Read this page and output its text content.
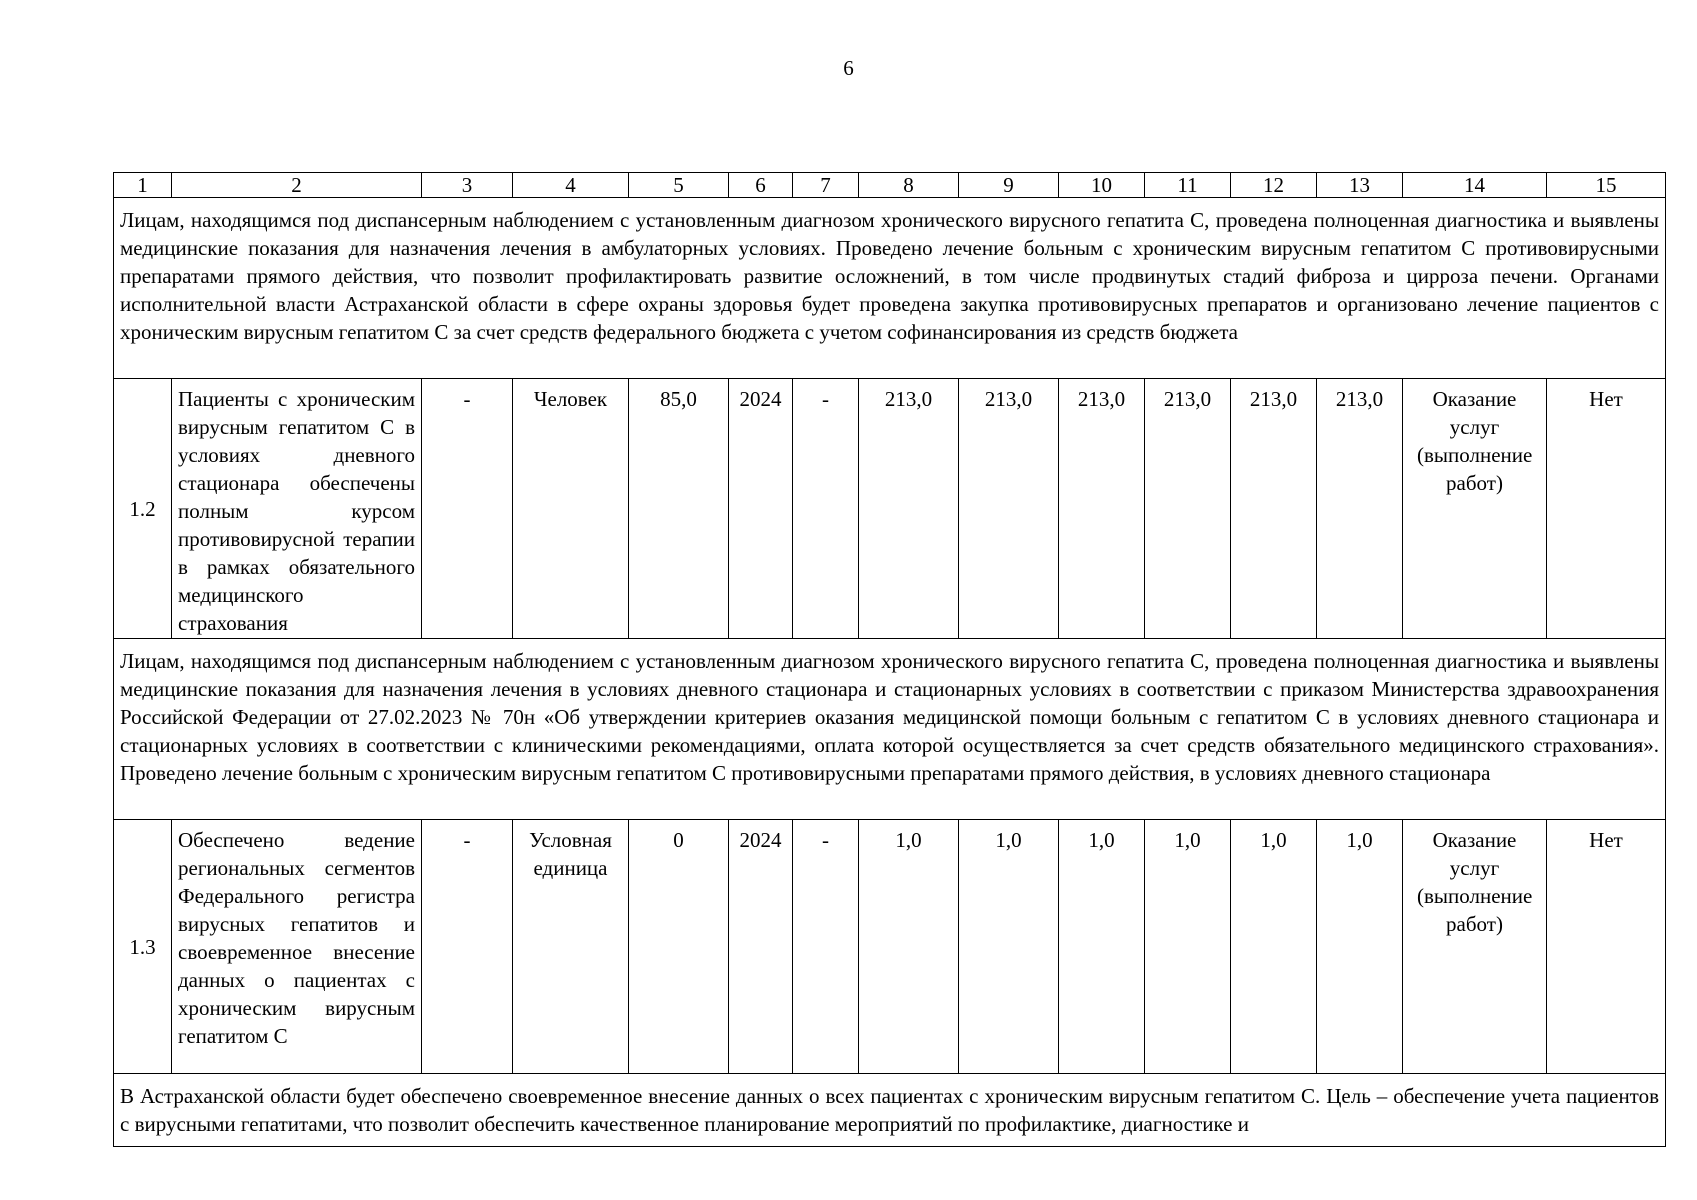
6
1	2	3	4	5	6	7	8	9	10	11	12	13	14	15
Лицам, находящимся под диспансерным наблюдением с установленным диагнозом хронического вирусного гепатита С, проведена полноценная диагностика и выявлены медицинские показания для назначения лечения в амбулаторных условиях. Проведено лечение больным с хроническим вирусным гепатитом С противовирусными препаратами прямого действия, что позволит профилактировать развитие осложнений, в том числе продвинутых стадий фиброза и цирроза печени. Органами исполнительной власти Астраханской области в сфере охраны здоровья будет проведена закупка противовирусных препаратов и организовано лечение пациентов с хроническим вирусным гепатитом С за счет средств федерального бюджета с учетом софинансирования из средств бюджета														
1.2	Пациенты с хроническим вирусным гепатитом С в условиях дневного стационара обеспечены полным курсом противовирусной терапии в рамках обязательного медицинского страхования	-	Человек	85,0	2024	-	213,0	213,0	213,0	213,0	213,0	213,0	Оказание услуг (выполнение работ)	Нет
Лицам, находящимся под диспансерным наблюдением с установленным диагнозом хронического вирусного гепатита С, проведена полноценная диагностика и выявлены медицинские показания для назначения лечения в условиях дневного стационара и стационарных условиях в соответствии с приказом Министерства здравоохранения Российской Федерации от 27.02.2023 № 70н «Об утверждении критериев оказания медицинской помощи больным с гепатитом С в условиях дневного стационара и стационарных условиях в соответствии с клиническими рекомендациями, оплата которой осуществляется за счет средств обязательного медицинского страхования». Проведено лечение больным с хроническим вирусным гепатитом С противовирусными препаратами прямого действия, в условиях дневного стационара														
1.3	Обеспечено ведение региональных сегментов Федерального регистра вирусных гепатитов и своевременное внесение данных о пациентах с хроническим вирусным гепатитом С	-	Условная единица	0	2024	-	1,0	1,0	1,0	1,0	1,0	1,0	Оказание услуг (выполнение работ)	Нет
В Астраханской области будет обеспечено своевременное внесение данных о всех пациентах с хроническим вирусным гепатитом С. Цель – обеспечение учета пациентов с вирусными гепатитами, что позволит обеспечить качественное планирование мероприятий по профилактике, диагностике и														
